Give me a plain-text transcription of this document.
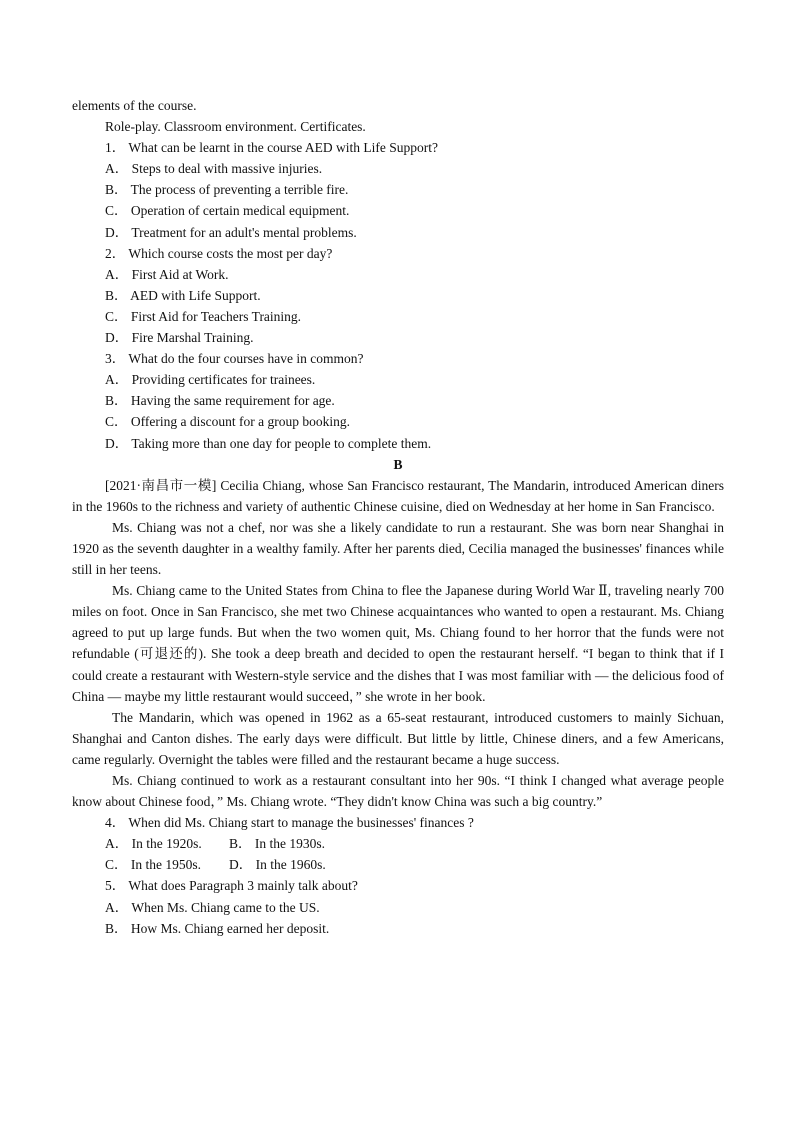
elements of the course.
Role-play. Classroom environment. Certificates.
1． What can be learnt in the course AED with Life Support?
A． Steps to deal with massive injuries.
B． The process of preventing a terrible fire.
C． Operation of certain medical equipment.
D． Treatment for an adult's mental problems.
2． Which course costs the most per day?
A． First Aid at Work.
B． AED with Life Support.
C． First Aid for Teachers Training.
D． Fire Marshal Training.
3． What do the four courses have in common?
A． Providing certificates for trainees.
B． Having the same requirement for age.
C． Offering a discount for a group booking.
D． Taking more than one day for people to complete them.
B

[2021·南昌市一模] Cecilia Chiang, whose San Francisco restaurant, The Mandarin, introduced American diners in the 1960s to the richness and variety of authentic Chinese cuisine, died on Wednesday at her home in San Francisco.

Ms. Chiang was not a chef, nor was she a likely candidate to run a restaurant. She was born near Shanghai in 1920 as the seventh daughter in a wealthy family. After her parents died, Cecilia managed the businesses' finances while still in her teens.

Ms. Chiang came to the United States from China to flee the Japanese during World War Ⅱ, traveling nearly 700 miles on foot. Once in San Francisco, she met two Chinese acquaintances who wanted to open a restaurant. Ms. Chiang agreed to put up large funds. But when the two women quit, Ms. Chiang found to her horror that the funds were not refundable (可退还的). She took a deep breath and decided to open the restaurant herself. “I began to think that if I could create a restaurant with Western-style service and the dishes that I was most familiar with — the delicious food of China — maybe my little restaurant would succeed，” she wrote in her book.

The Mandarin, which was opened in 1962 as a 65-seat restaurant, introduced customers to mainly Sichuan, Shanghai and Canton dishes. The early days were difficult. But little by little, Chinese diners, and a few Americans, came regularly. Overnight the tables were filled and the restaurant became a huge success.

Ms. Chiang continued to work as a restaurant consultant into her 90s. “I think I changed what average people know about Chinese food，” Ms. Chiang wrote. “They didn't know China was such a big country.”

4． When did Ms. Chiang start to manage the businesses' finances ?
A． In the 1920s. B． In the 1930s.
C． In the 1950s. D． In the 1960s.
5． What does Paragraph 3 mainly talk about?
A． When Ms. Chiang came to the US.
B． How Ms. Chiang earned her deposit.
